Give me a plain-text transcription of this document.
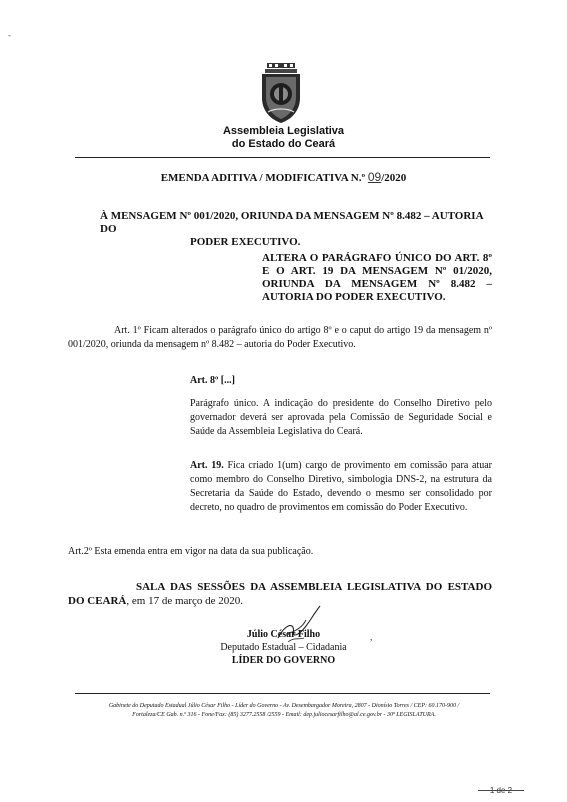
-
Assembleia Legislativa
do Estado do Ceará
EMENDA ADITIVA / MODIFICATIVA N.º 09/2020
À MENSAGEM Nº 001/2020, ORIUNDA DA MENSAGEM Nº 8.482 – AUTORIA DO
PODER EXECUTIVO.
ALTERA O PARÁGRAFO ÚNICO DO ART. 8º E O ART. 19 DA MENSAGEM Nº 01/2020, ORIUNDA DA MENSAGEM Nº 8.482 – AUTORIA DO PODER EXECUTIVO.
Art. 1º Ficam alterados o parágrafo único do artigo 8º e o caput do artigo 19 da mensagem nº 001/2020, oriunda da mensagem nº 8.482 – autoria do Poder Executivo.
Art. 8º [...]
Parágrafo único. A indicação do presidente do Conselho Diretivo pelo governador deverá ser aprovada pela Comissão de Seguridade Social e Saúde da Assembleia Legislativa do Ceará.
Art. 19. Fica criado 1(um) cargo de provimento em comissão para atuar como membro do Conselho Diretivo, simbologia DNS-2, na estrutura da Secretaria da Saúde do Estado, devendo o mesmo ser consolidado por decreto, no quadro de provimentos em comissão do Poder Executivo.
Art.2º Esta emenda entra em vigor na data da sua publicação.
SALA DAS SESSÕES DA ASSEMBLEIA LEGISLATIVA DO ESTADO DO CEARÁ, em 17 de março de 2020.
Júlio César Filho
Deputado Estadual – Cidadania
LÍDER DO GOVERNO
,
Gabinete do Deputado Estadual Júlio César Filho - Líder do Governo - Av. Desembargador Moreira, 2807 - Dionísio Torres / CEP: 60.170-900 /
Fortaleza/CE Gab. n.º 316 - Fone/Fax: (85) 3277.2558 /2559 - Email: dep.juliocesarfilho@al.ce.gov.br - 30ª LEGISLATURA.
1 de 2
